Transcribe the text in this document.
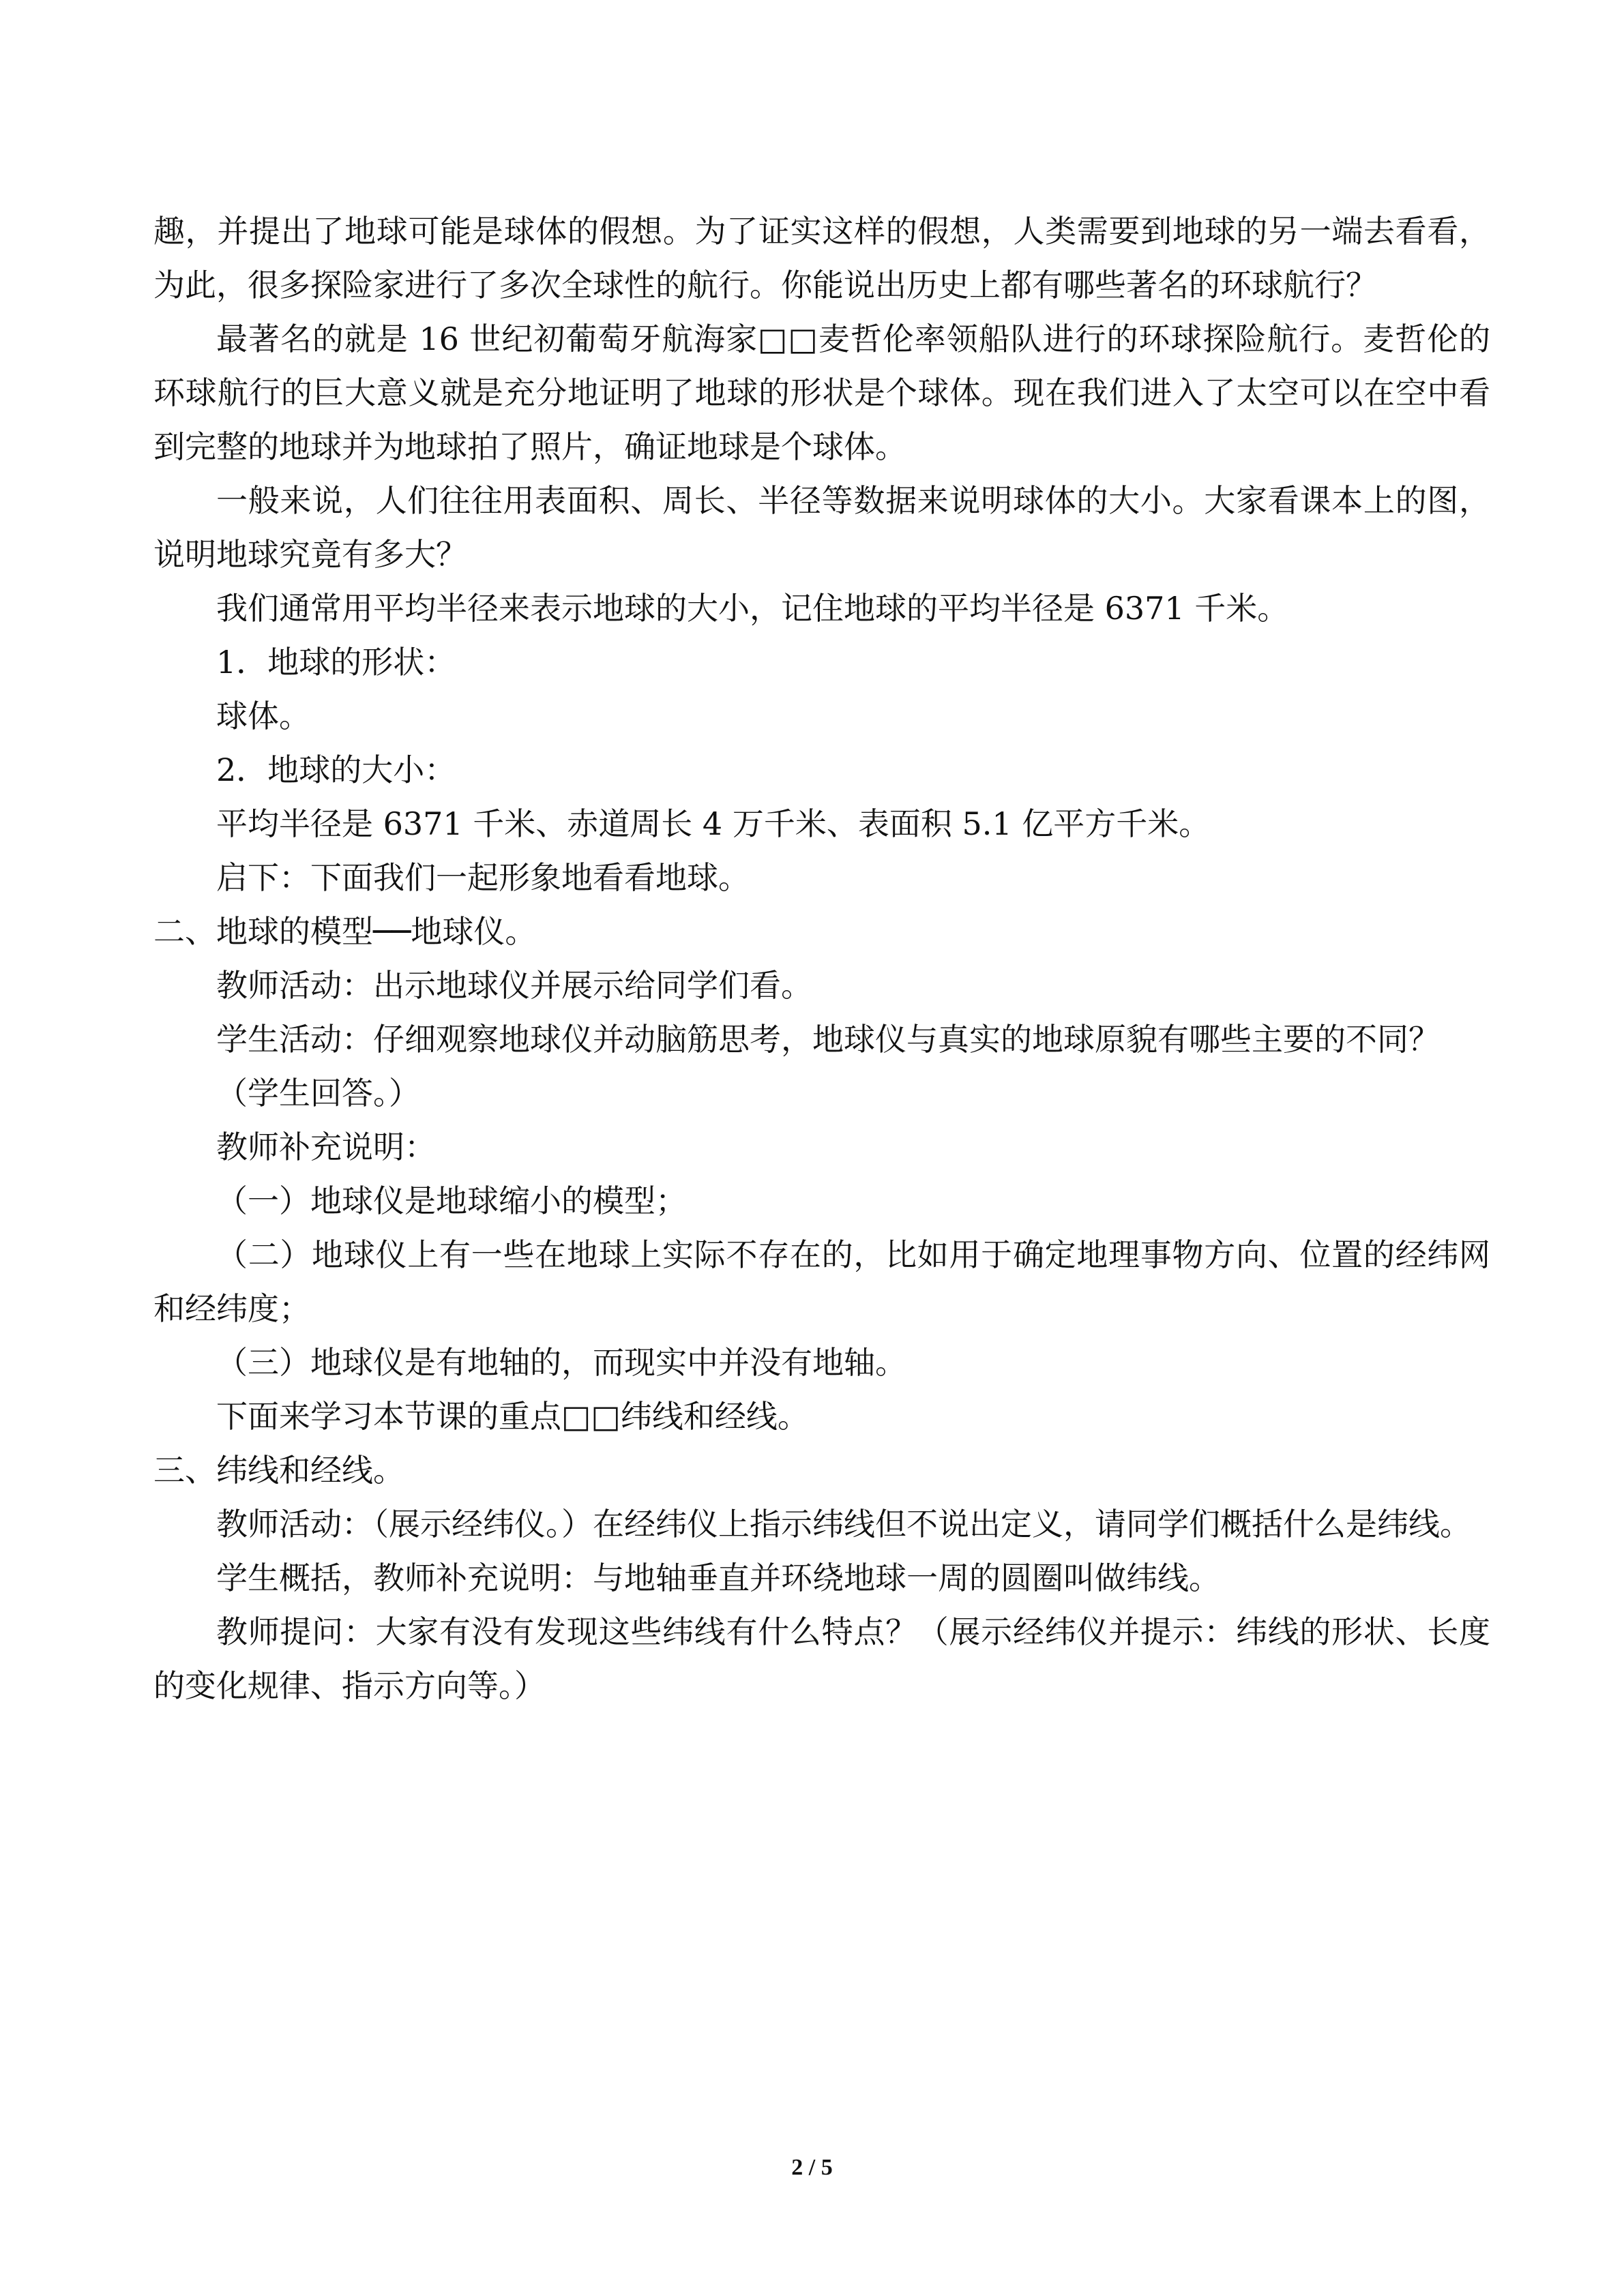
趣，并提出了地球可能是球体的假想。为了证实这样的假想，人类需要到地球的另一端去看看，为此，很多探险家进行了多次全球性的航行。你能说出历史上都有哪些著名的环球航行？

最著名的就是 16 世纪初葡萄牙航海家□□麦哲伦率领船队进行的环球探险航行。麦哲伦的环球航行的巨大意义就是充分地证明了地球的形状是个球体。现在我们进入了太空可以在空中看到完整的地球并为地球拍了照片，确证地球是个球体。

一般来说，人们往往用表面积、周长、半径等数据来说明球体的大小。大家看课本上的图，说明地球究竟有多大？

我们通常用平均半径来表示地球的大小，记住地球的平均半径是 6371 千米。

1．地球的形状：

球体。

2．地球的大小：

平均半径是 6371 千米、赤道周长 4 万千米、表面积 5.1 亿平方千米。

启下：下面我们一起形象地看看地球。

二、地球的模型──地球仪。

教师活动：出示地球仪并展示给同学们看。

学生活动：仔细观察地球仪并动脑筋思考，地球仪与真实的地球原貌有哪些主要的不同？

（学生回答。）

教师补充说明：

（一）地球仪是地球缩小的模型；

（二）地球仪上有一些在地球上实际不存在的，比如用于确定地理事物方向、位置的经纬网和经纬度；

（三）地球仪是有地轴的，而现实中并没有地轴。

下面来学习本节课的重点□□纬线和经线。

三、纬线和经线。

教师活动：（展示经纬仪。）在经纬仪上指示纬线但不说出定义，请同学们概括什么是纬线。

学生概括，教师补充说明：与地轴垂直并环绕地球一周的圆圈叫做纬线。

教师提问：大家有没有发现这些纬线有什么特点？（展示经纬仪并提示：纬线的形状、长度的变化规律、指示方向等。）

2 / 5
